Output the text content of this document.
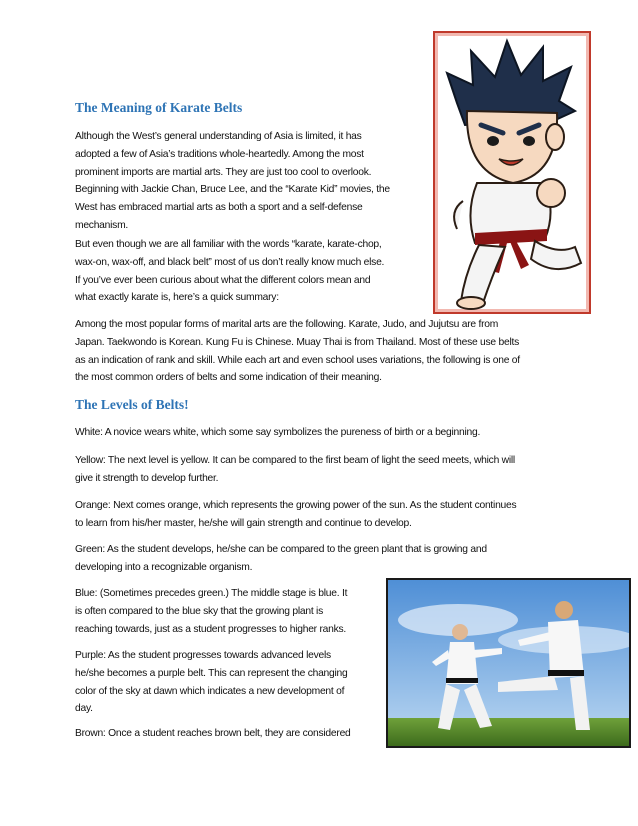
The Meaning of Karate Belts
Although the West’s general understanding of Asia is limited, it has
adopted a few of Asia’s traditions whole-heartedly. Among the most
prominent imports are martial arts. They are just too cool to overlook.
Beginning with Jackie Chan, Bruce Lee, and the “Karate Kid” movies, the
West has embraced martial arts as both a sport and a self-defense
mechanism.
But even though we are all familiar with the words “karate, karate-chop,
wax-on, wax-off, and black belt” most of us don’t really know much else.
If you’ve ever been curious about what the different colors mean and
what exactly karate is, here’s a quick summary:
Among the most popular forms of marital arts are the following. Karate, Judo, and Jujutsu are from
Japan. Taekwondo is Korean. Kung Fu is Chinese. Muay Thai is from Thailand. Most of these use belts
as an indication of rank and skill. While each art and even school uses variations, the following is one of
the most common orders of belts and some indication of their meaning.
The Levels of Belts!
White: A novice wears white, which some say symbolizes the pureness of birth or a beginning.
Yellow: The next level is yellow. It can be compared to the first beam of light the seed meets, which will
give it strength to develop further.
Orange: Next comes orange, which represents the growing power of the sun. As the student continues
to learn from his/her master, he/she will gain strength and continue to develop.
Green: As the student develops, he/she can be compared to the green plant that is growing and
developing into a recognizable organism.
Blue: (Sometimes precedes green.) The middle stage is blue. It
is often compared to the blue sky that the growing plant is
reaching towards, just as a student progresses to higher ranks.
Purple: As the student progresses towards advanced levels
he/she becomes a purple belt. This can represent the changing
color of the sky at dawn which indicates a new development of
day.
Brown: Once a student reaches brown belt, they are considered
